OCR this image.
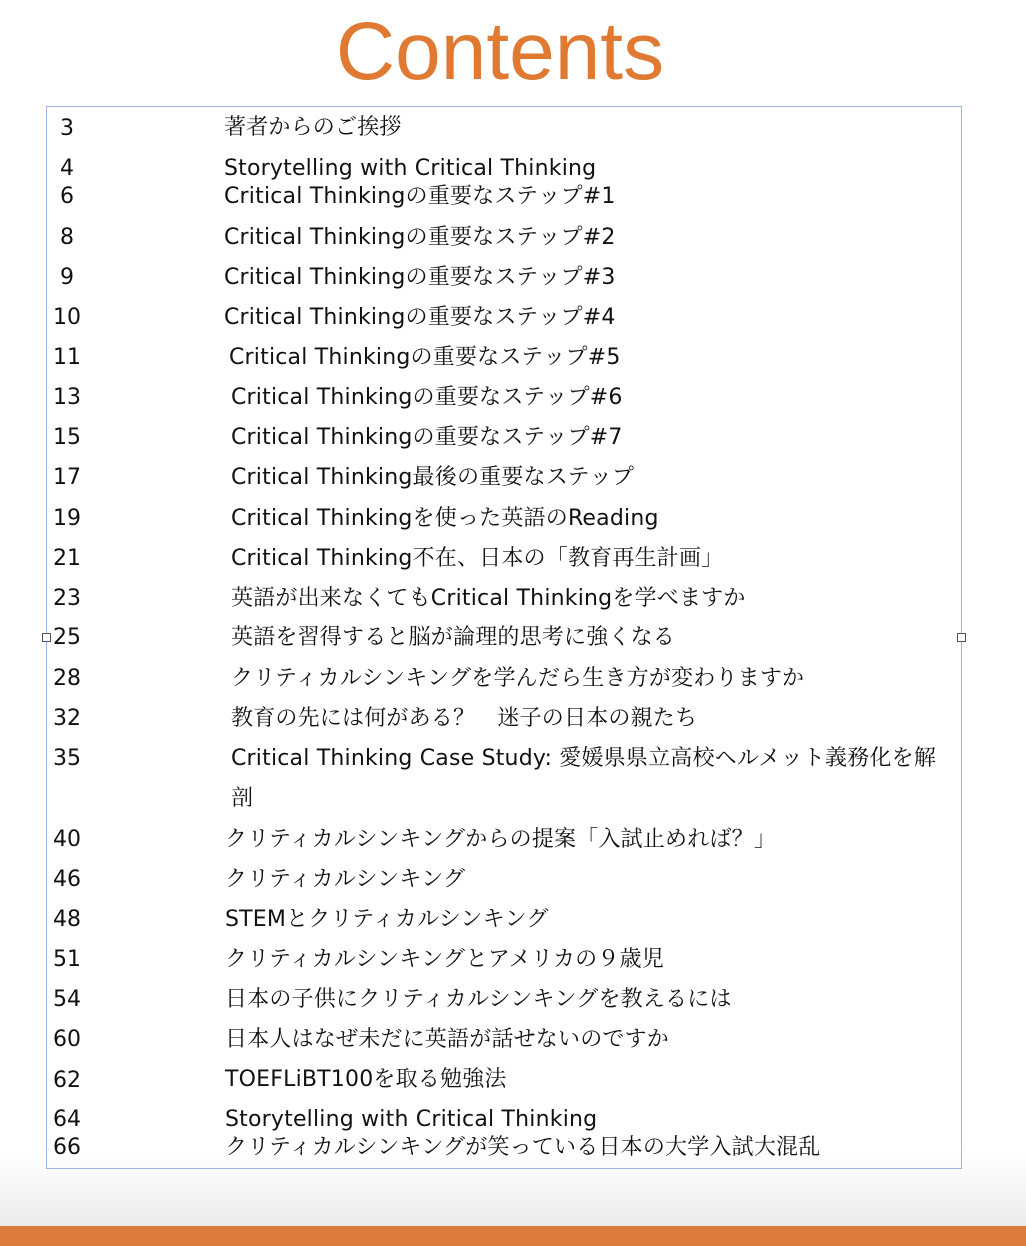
Contents
3	著者からのご挨拶
4	Storytelling with Critical Thinking
6	Critical Thinkingの重要なステップ#1
8	Critical Thinkingの重要なステップ#2
9	Critical Thinkingの重要なステップ#3
10	Critical Thinkingの重要なステップ#4
11	Critical Thinkingの重要なステップ#5
13	Critical Thinkingの重要なステップ#6
15	Critical Thinkingの重要なステップ#7
17	Critical Thinking最後の重要なステップ
19	Critical Thinkingを使った英語のReading
21	Critical Thinking不在、日本の「教育再生計画」
23	英語が出来なくてもCritical Thinkingを学べますか
25	英語を習得すると脳が論理的思考に強くなる
28	クリティカルシンキングを学んだら生き方が変わりますか
32	教育の先には何がある？　迷子の日本の親たち
35	Critical Thinking Case Study: 愛媛県県立高校ヘルメット義務化を解剖
40	クリティカルシンキングからの提案「入試止めれば？」
46	クリティカルシンキング
48	STEMとクリティカルシンキング
51	クリティカルシンキングとアメリカの９歳児
54	日本の子供にクリティカルシンキングを教えるには
60	日本人はなぜ未だに英語が話せないのですか
62	TOEFLiBT100を取る勉強法
64	Storytelling with Critical Thinking
66	クリティカルシンキングが笑っている日本の大学入試大混乱
